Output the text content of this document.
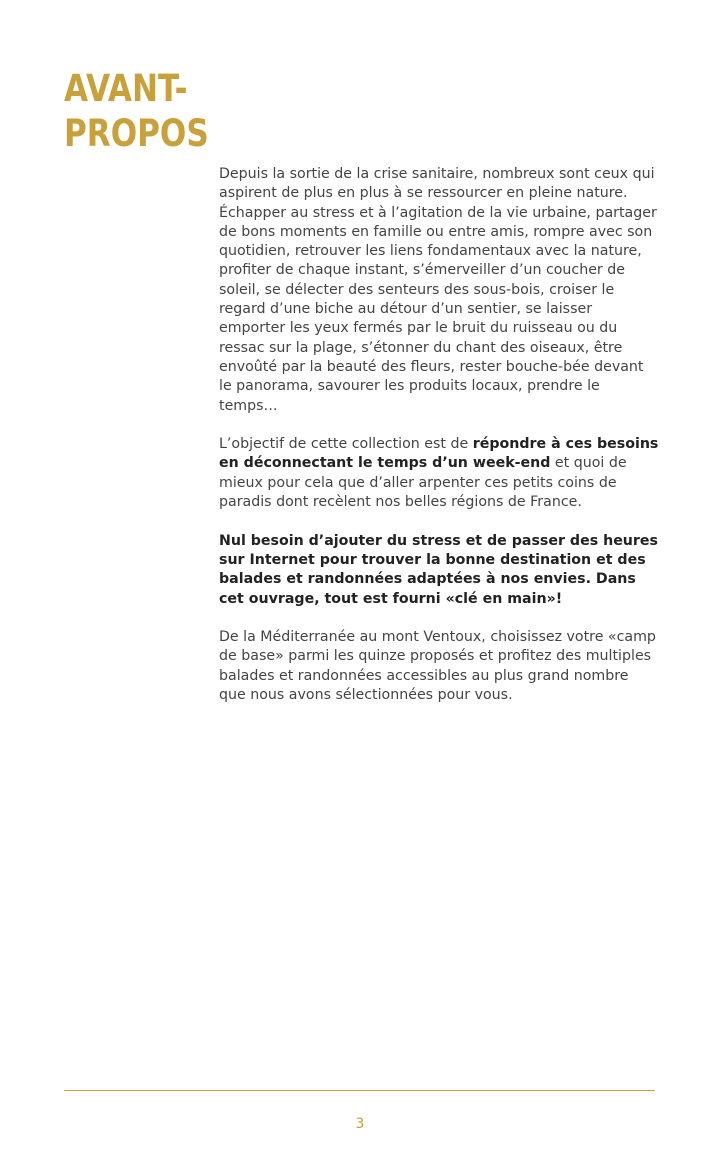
AVANT-
PROPOS

Depuis la sortie de la crise sanitaire, nombreux sont ceux qui aspirent de plus en plus à se ressourcer en pleine nature. Échapper au stress et à l’agitation de la vie urbaine, partager de bons moments en famille ou entre amis, rompre avec son quotidien, retrouver les liens fondamentaux avec la nature, profiter de chaque instant, s’émerveiller d’un coucher de soleil, se délecter des senteurs des sous-bois, croiser le regard d’une biche au détour d’un sentier, se laisser emporter les yeux fermés par le bruit du ruisseau ou du ressac sur la plage, s’étonner du chant des oiseaux, être envoûté par la beauté des fleurs, rester bouche-bée devant le panorama, savourer les produits locaux, prendre le temps…

L’objectif de cette collection est de répondre à ces besoins en déconnectant le temps d’un week-end et quoi de mieux pour cela que d’aller arpenter ces petits coins de paradis dont recèlent nos belles régions de France.

Nul besoin d’ajouter du stress et de passer des heures sur Internet pour trouver la bonne destination et des balades et randonnées adaptées à nos envies. Dans cet ouvrage, tout est fourni «clé en main»!

De la Méditerranée au mont Ventoux, choisissez votre «camp de base» parmi les quinze proposés et profitez des multiples balades et randonnées accessibles au plus grand nombre que nous avons sélectionnées pour vous.

3
